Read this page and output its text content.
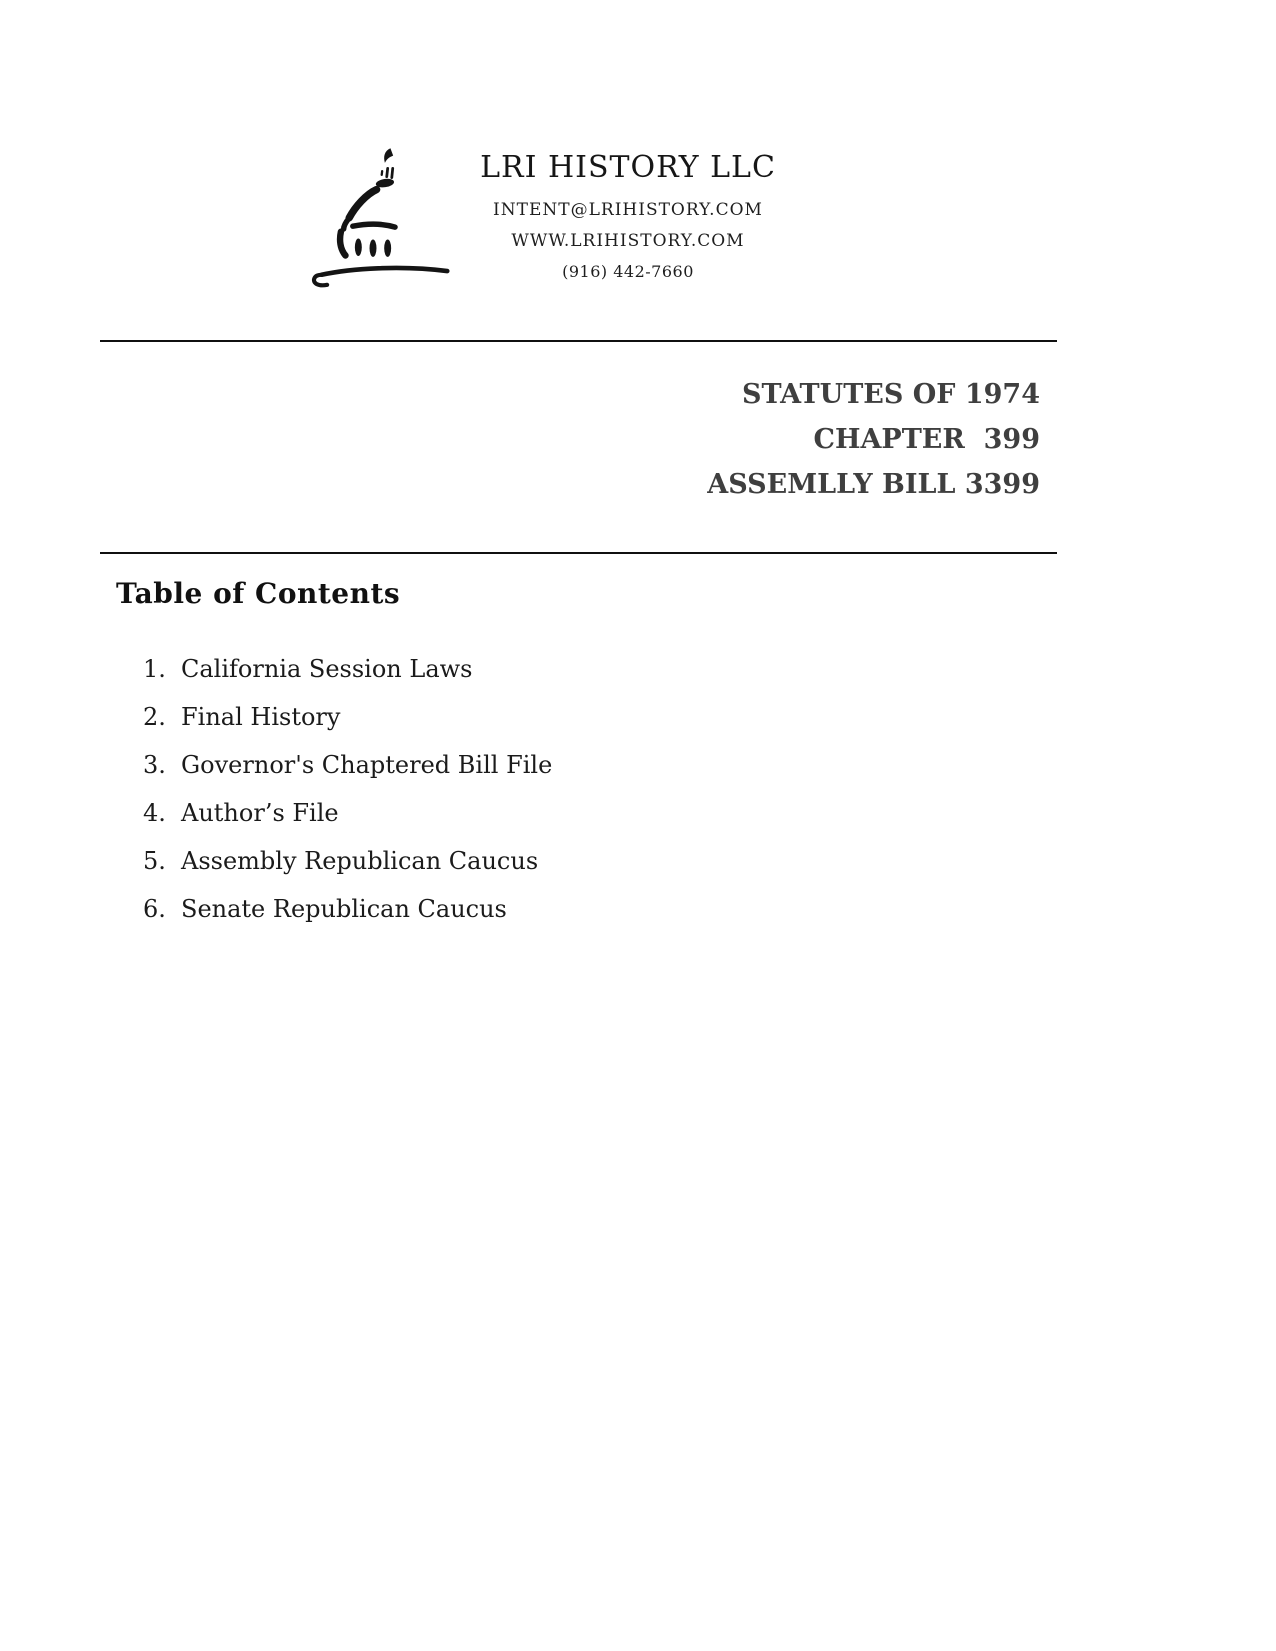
LRI HISTORY LLC
INTENT@LRIHISTORY.COM
WWW.LRIHISTORY.COM
(916) 442-7660
STATUTES OF 1974
CHAPTER  399
ASSEMLLY BILL 3399
Table of Contents
1. California Session Laws
2. Final History
3. Governor's Chaptered Bill File
4. Author’s File
5. Assembly Republican Caucus
6. Senate Republican Caucus
